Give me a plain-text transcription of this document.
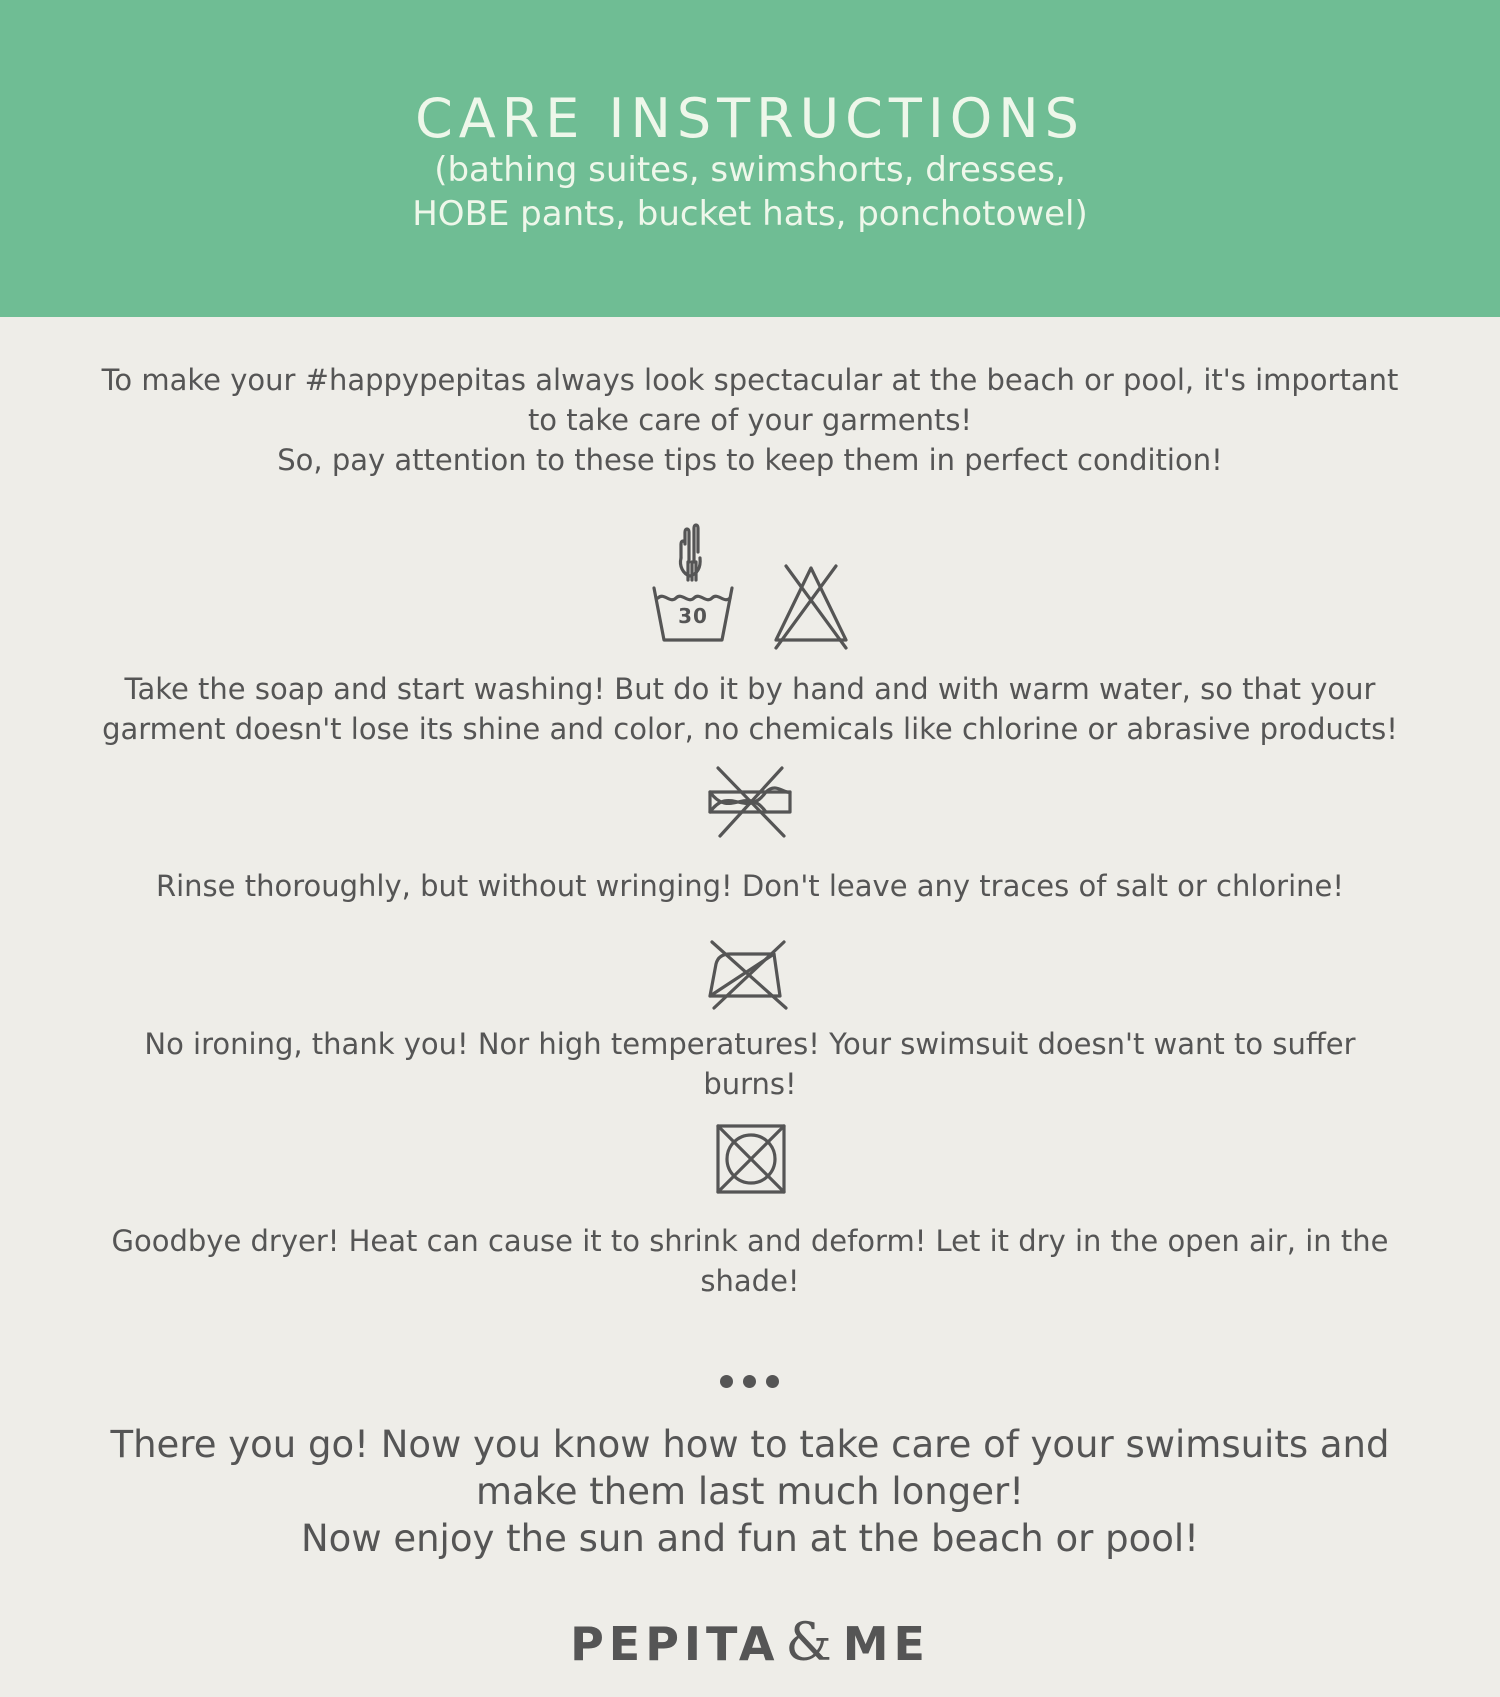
CARE INSTRUCTIONS
(bathing suites, swimshorts, dresses,
HOBE pants, bucket hats, ponchotowel)
To make your #happypepitas always look spectacular at the beach or pool, it's important
to take care of your garments!
So, pay attention to these tips to keep them in perfect condition!
30
Take the soap and start washing! But do it by hand and with warm water, so that your
garment doesn't lose its shine and color, no chemicals like chlorine or abrasive products!
Rinse thoroughly, but without wringing! Don't leave any traces of salt or chlorine!
No ironing, thank you! Nor high temperatures! Your swimsuit doesn't want to suffer
burns!
Goodbye dryer! Heat can cause it to shrink and deform! Let it dry in the open air, in the
shade!
There you go! Now you know how to take care of your swimsuits and
make them last much longer!
Now enjoy the sun and fun at the beach or pool!
PEPITA & ME
